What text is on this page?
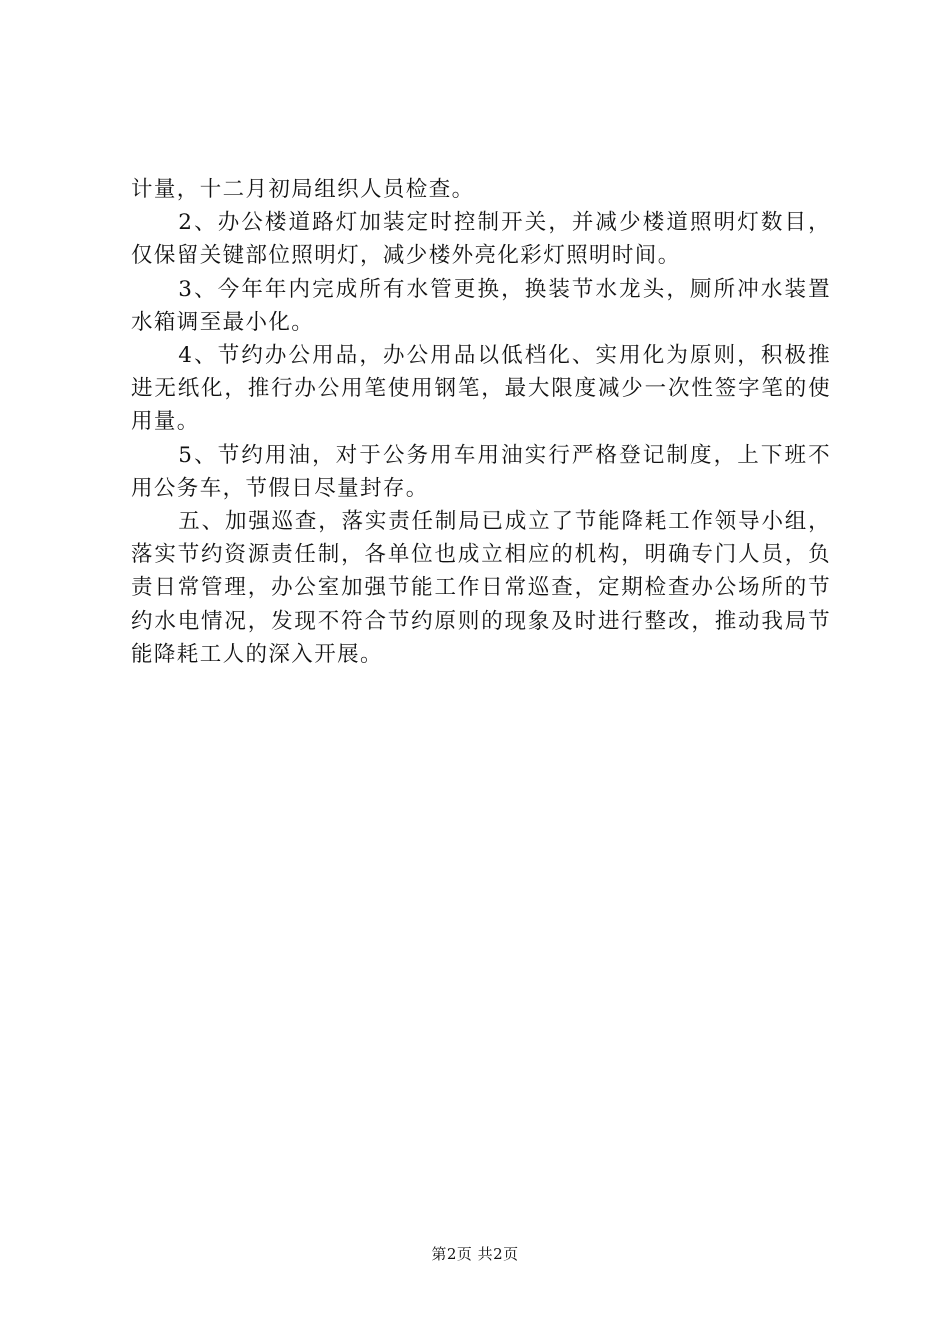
计量，十二月初局组织人员检查。

2、办公楼道路灯加装定时控制开关，并减少楼道照明灯数目，仅保留关键部位照明灯，减少楼外亮化彩灯照明时间。

3、今年年内完成所有水管更换，换装节水龙头，厕所冲水装置水箱调至最小化。

4、节约办公用品，办公用品以低档化、实用化为原则，积极推进无纸化，推行办公用笔使用钢笔，最大限度减少一次性签字笔的使用量。

5、节约用油，对于公务用车用油实行严格登记制度，上下班不用公务车，节假日尽量封存。

五、加强巡查，落实责任制局已成立了节能降耗工作领导小组，落实节约资源责任制，各单位也成立相应的机构，明确专门人员，负责日常管理，办公室加强节能工作日常巡查，定期检查办公场所的节约水电情况，发现不符合节约原则的现象及时进行整改，推动我局节能降耗工人的深入开展。

第2页 共2页
